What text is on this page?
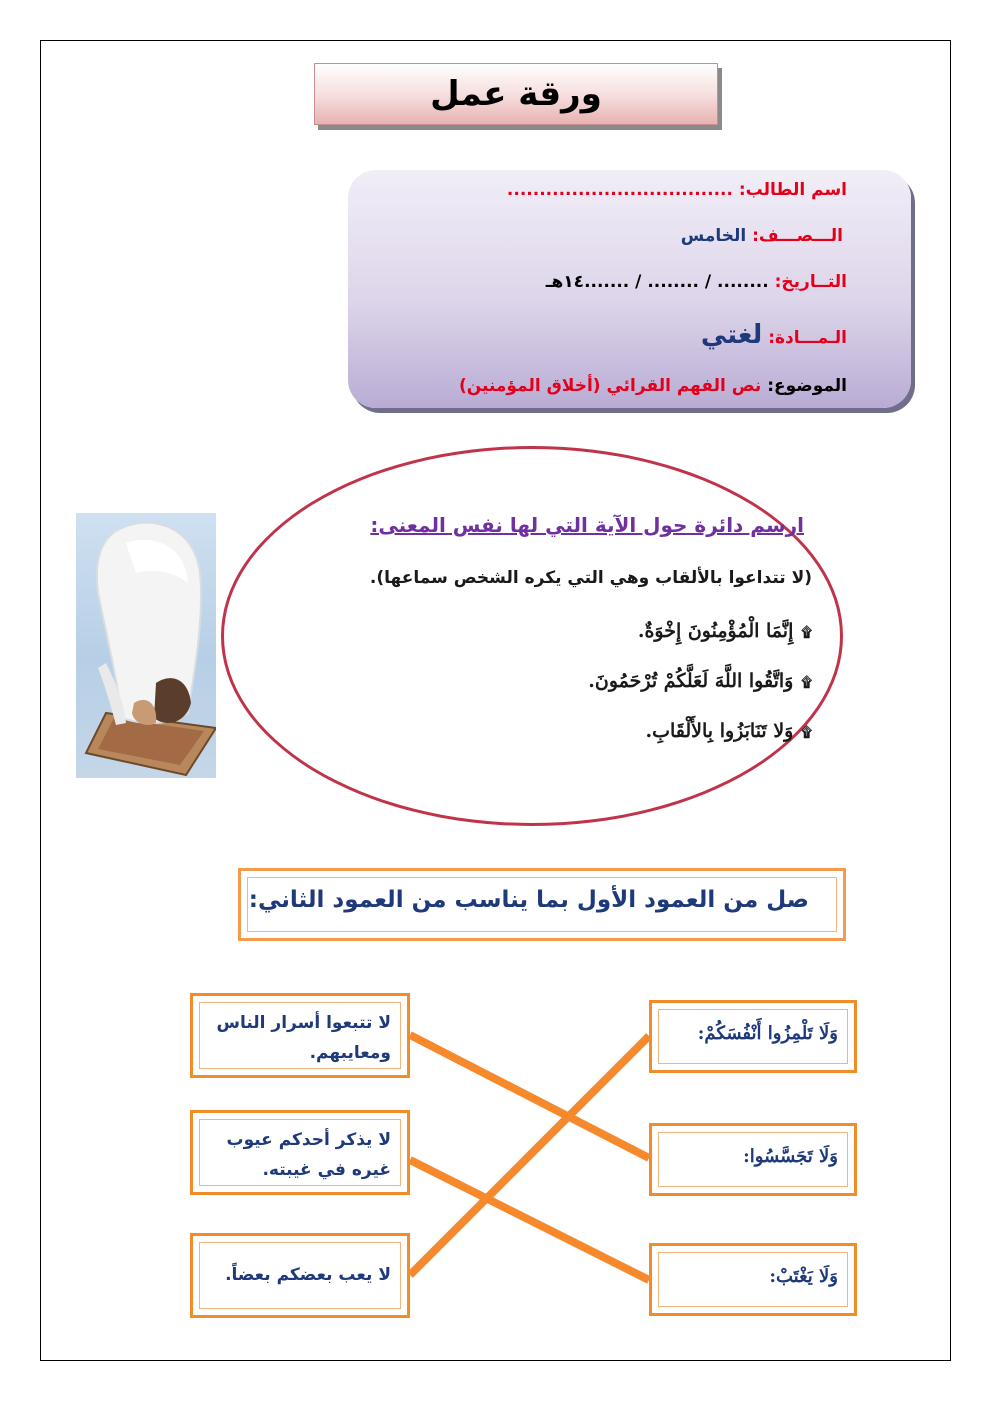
ورقة عمل
اسم الطالب: ...................................
الـــصـــف: الخامس
التــاريخ: ........ / ........ / .......١٤هـ
الـمـــادة: لغتي
الموضوع: نص الفهم القرائي (أخلاق المؤمنين)
ارسم دائرة حول الآية التي لها نفس المعنى:
(لا تتداعوا بالألقاب وهي التي يكره الشخص سماعها).
۩إِنَّمَا الْمُؤْمِنُونَ إِخْوَةٌ.
۩وَاتَّقُوا اللَّهَ لَعَلَّكُمْ تُرْحَمُونَ.
۩وَلا تَنَابَزُوا بِالأَلْقَابِ.
صل من العمود الأول بما يناسب من العمود الثاني:
لا تتبعوا أسرار الناس ومعايبهم.
لا يذكر أحدكم عيوب غيره في غيبته.
لا يعب بعضكم بعضاً.
وَلَا تَلْمِزُوا أَنْفُسَكُمْ:
وَلَا تَجَسَّسُوا:
وَلَا يَغْتَبْ:
